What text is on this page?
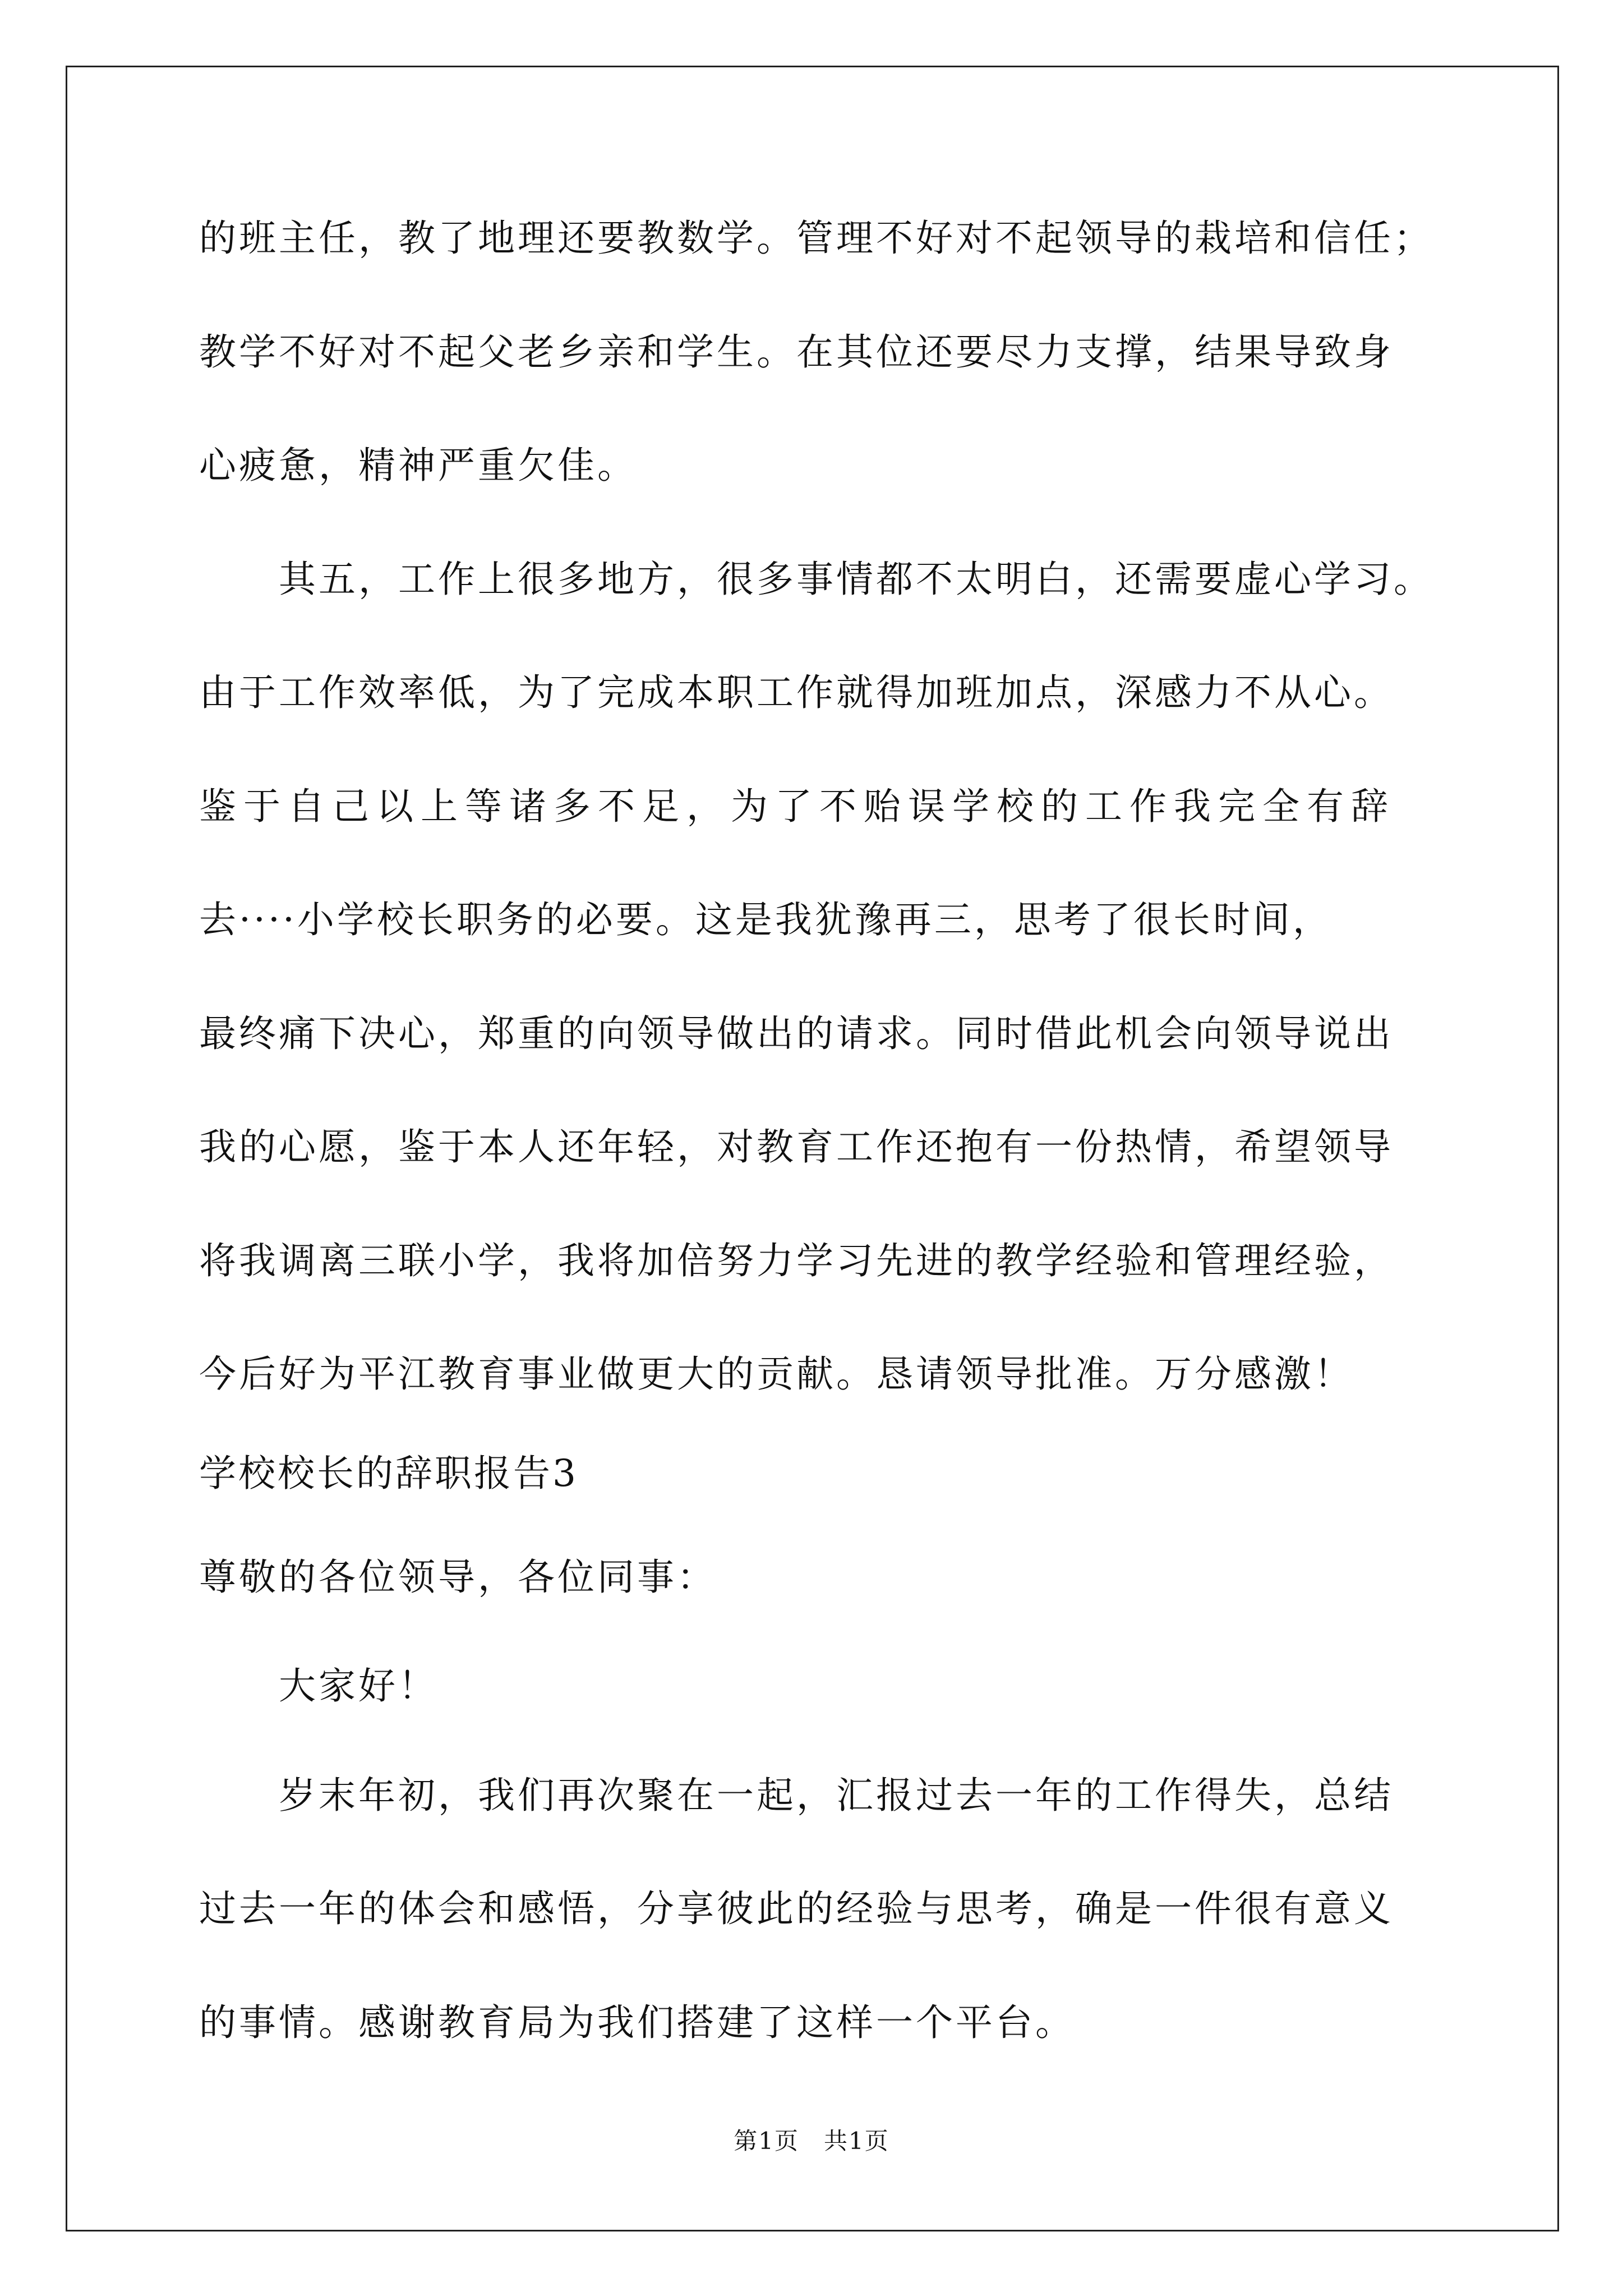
的班主任，教了地理还要教数学。管理不好对不起领导的栽培和信任；
教学不好对不起父老乡亲和学生。在其位还要尽力支撑，结果导致身
心疲惫，精神严重欠佳。
其五，工作上很多地方，很多事情都不太明白，还需要虚心学习。
由于工作效率低，为了完成本职工作就得加班加点，深感力不从心。
鉴于自己以上等诸多不足，为了不贻误学校的工作我完全有辞
去····小学校长职务的必要。这是我犹豫再三，思考了很长时间，
最终痛下决心，郑重的向领导做出的请求。同时借此机会向领导说出
我的心愿，鉴于本人还年轻，对教育工作还抱有一份热情，希望领导
将我调离三联小学，我将加倍努力学习先进的教学经验和管理经验，
今后好为平江教育事业做更大的贡献。恳请领导批准。万分感激！
学校校长的辞职报告3
尊敬的各位领导，各位同事：
大家好！
岁末年初，我们再次聚在一起，汇报过去一年的工作得失，总结
过去一年的体会和感悟，分享彼此的经验与思考，确是一件很有意义
的事情。感谢教育局为我们搭建了这样一个平台。
第1页　共1页
